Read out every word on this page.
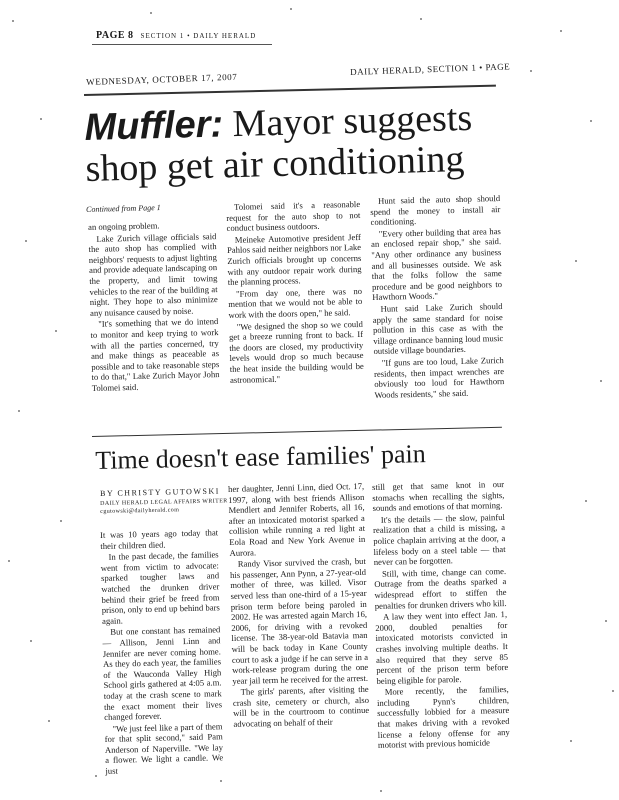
PAGE 8 SECTION 1 • DAILY HERALD
WEDNESDAY, OCTOBER 17, 2007
DAILY HERALD, SECTION 1 • PAGE
Muffler: Mayor suggests shop get air conditioning
Continued from Page 1

an ongoing problem.

Lake Zurich village officials said the auto shop has complied with neighbors' requests to adjust lighting and provide adequate landscaping on the property, and limit towing vehicles to the rear of the building at night. They hope to also minimize any nuisance caused by noise.

"It's something that we do intend to monitor and keep trying to work with all the parties concerned, try and make things as peaceable as possible and to take reasonable steps to do that," Lake Zurich Mayor John Tolomei said.

Tolomei said it's a reasonable request for the auto shop to not conduct business outdoors.

Meineke Automotive president Jeff Pahlos said neither neighbors nor Lake Zurich officials brought up concerns with any outdoor repair work during the planning process.

"From day one, there was no mention that we would not be able to work with the doors open," he said.

"We designed the shop so we could get a breeze running front to back. If the doors are closed, my productivity levels would drop so much because the heat inside the building would be astronomical."

Hunt said the auto shop should spend the money to install air conditioning.

"Every other building that area has an enclosed repair shop," she said. "Any other ordinance any business and all businesses outside. We ask that the folks follow the same procedure and be good neighbors to Hawthorn Woods."

Hunt said Lake Zurich should apply the same standard for noise pollution in this case as with the village ordinance banning loud music outside village boundaries.

"If guns are too loud, Lake Zurich residents, then impact wrenches are obviously too loud for Hawthorn Woods residents," she said.

Time doesn't ease families' pain
BY CHRISTY GUTOWSKI
DAILY HERALD LEGAL AFFAIRS WRITER
cgutowski@dailyherald.com

It was 10 years ago today that their children died.

In the past decade, the families went from victim to advocate: sparked tougher laws and watched the drunken driver behind their grief be freed from prison, only to end up behind bars again.

But one constant has remained — Allison, Jenni Linn and Jennifer are never coming home. As they do each year, the families of the Wauconda Valley High School girls gathered at 4:05 a.m. today at the crash scene to mark the exact moment their lives changed forever.

"We just feel like a part of them for that split second," said Pam Anderson of Naperville. "We lay a flower. We light a candle. We just

her daughter, Jenni Linn, died Oct. 17, 1997, along with best friends Allison Mendlert and Jennifer Roberts, all 16, after an intoxicated motorist sparked a collision while running a red light at Eola Road and New York Avenue in Aurora.

Randy Visor survived the crash, but his passenger, Ann Pynn, a 27-year-old mother of three, was killed. Visor served less than one-third of a 15-year prison term before being paroled in 2002. He was arrested again March 16, 2006, for driving with a revoked license. The 38-year-old Batavia man will be back today in Kane County court to ask a judge if he can serve in a work-release program during the one year jail term he received for the arrest.

The girls' parents, after visiting the crash site, cemetery or church, also will be in the courtroom to continue advocating on behalf of their

still get that same knot in our stomachs when recalling the sights, sounds and emotions of that morning.

It's the details — the slow, painful realization that a child is missing, a police chaplain arriving at the door, a lifeless body on a steel table — that never can be forgotten.

Still, with time, change can come. Outrage from the deaths sparked a widespread effort to stiffen the penalties for drunken drivers who kill.

A law they went into effect Jan. 1, 2000, doubled penalties for intoxicated motorists convicted in crashes involving multiple deaths. It also required that they serve 85 percent of the prison term before being eligible for parole.

More recently, the families, including Pynn's children, successfully lobbied for a measure that makes driving with a revoked license a felony offense for any motorist with previous homicide
